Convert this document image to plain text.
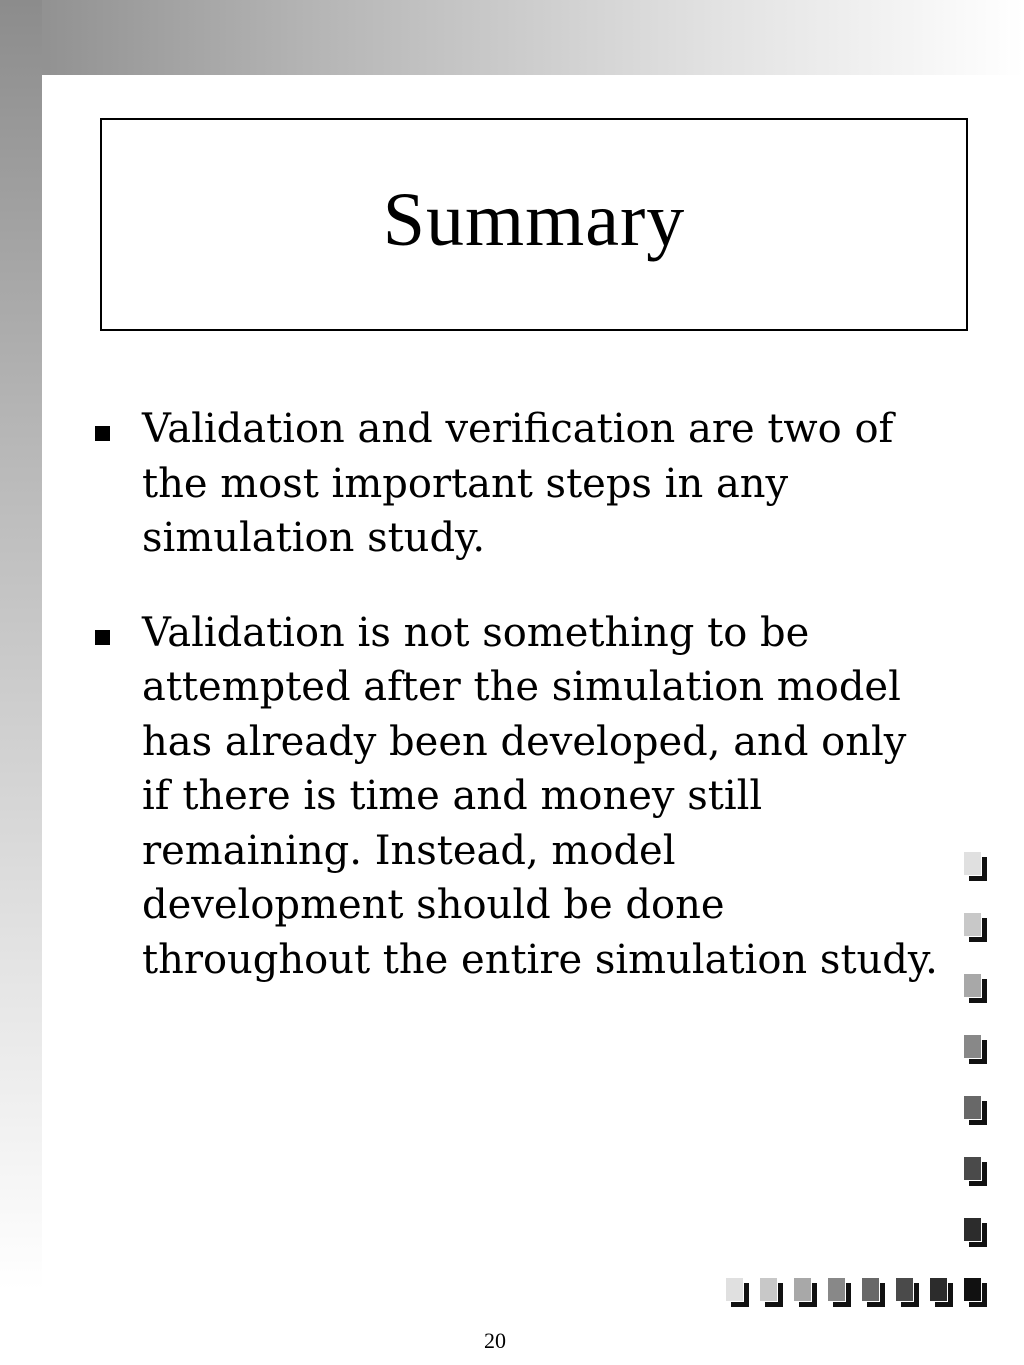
Summary
Validation and verification are two of the most important steps in any simulation study.
Validation is not something to be attempted after the simulation model has already been developed, and only if there is time and money still remaining. Instead, model development should be done throughout the entire simulation study.
20
